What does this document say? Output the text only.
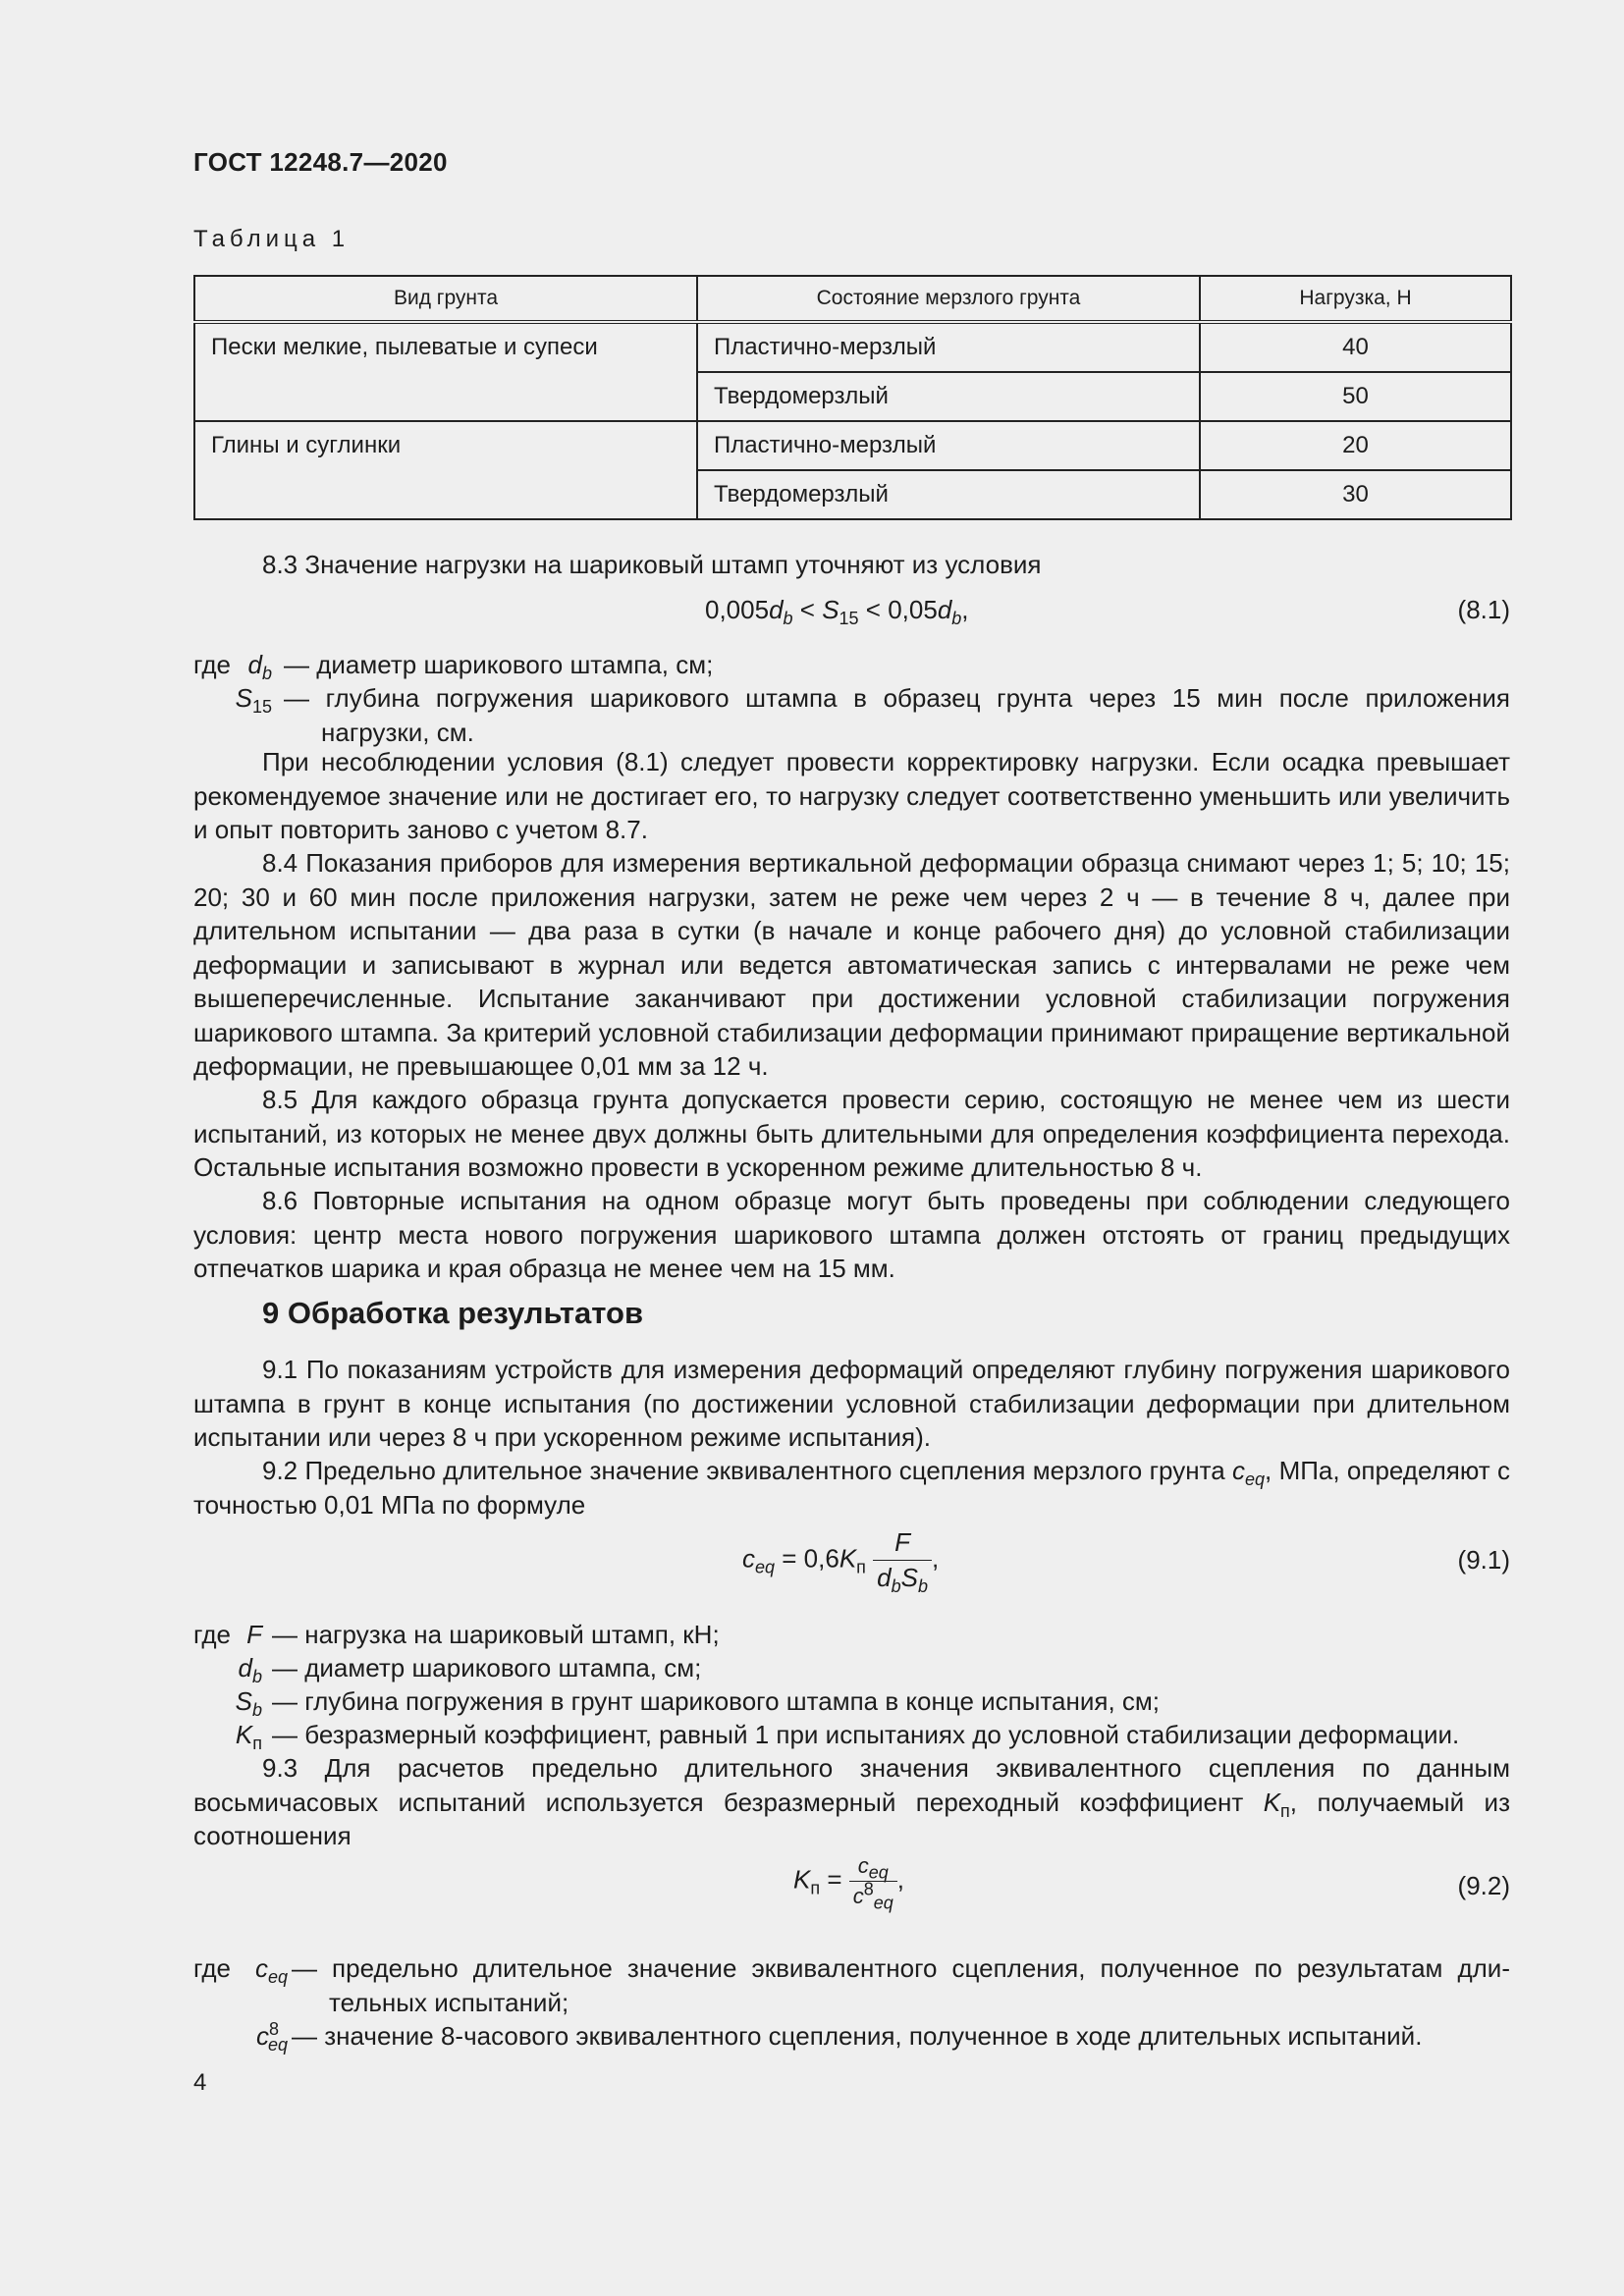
ГОСТ 12248.7—2020
Таблица 1
Вид грунта	Состояние мерзлого грунта	Нагрузка, Н
Пески мелкие, пылеватые и супеси	Пластично-мерзлый	40
	Твердомерзлый	50
Глины и суглинки	Пластично-мерзлый	20
	Твердомерзлый	30
8.3 Значение нагрузки на шариковый штамп уточняют из условия
$0,005d_b < S_{15} < 0,05d_b$,	(8.1)
где $d_b$ — диаметр шарикового штампа, см;
$S_{15}$ — глубина погружения шарикового штампа в образец грунта через 15 мин после приложения
нагрузки, см.
При несоблюдении условия (8.1) следует провести корректировку нагрузки. Если осадка превышает рекомендуемое значение или не достигает его, то нагрузку следует соответственно уменьшить или увеличить и опыт повторить заново с учетом 8.7.
8.4 Показания приборов для измерения вертикальной деформации образца снимают через 1; 5; 10; 15; 20; 30 и 60 мин после приложения нагрузки, затем не реже чем через 2 ч — в течение 8 ч, далее при длительном испытании — два раза в сутки (в начале и конце рабочего дня) до условной стабилизации деформации и записывают в журнал или ведется автоматическая запись с интервалами не реже чем вышеперечисленные. Испытание заканчивают при достижении условной стабилизации погружения шарикового штампа. За критерий условной стабилизации деформации принимают приращение вертикальной деформации, не превышающее 0,01 мм за 12 ч.
8.5 Для каждого образца грунта допускается провести серию, состоящую не менее чем из шести испытаний, из которых не менее двух должны быть длительными для определения коэффициента перехода. Остальные испытания возможно провести в ускоренном режиме длительностью 8 ч.
8.6 Повторные испытания на одном образце могут быть проведены при соблюдении следующего условия: центр места нового погружения шарикового штампа должен отстоять от границ предыдущих отпечатков шарика и края образца не менее чем на 15 мм.
9 Обработка результатов
9.1 По показаниям устройств для измерения деформаций определяют глубину погружения шарикового штампа в грунт в конце испытания (по достижении условной стабилизации деформации при длительном испытании или через 8 ч при ускоренном режиме испытания).
9.2 Предельно длительное значение эквивалентного сцепления мерзлого грунта $c_{eq}$, МПа, определяют с точностью 0,01 МПа по формуле
$c_{eq} = 0,6K_п \frac{F}{d_bS_b}$ ,	(9.1)
где F — нагрузка на шариковый штамп, кН;
$d_b$ — диаметр шарикового штампа, см;
$S_b$ — глубина погружения в грунт шарикового штампа в конце испытания, см;
$K_п$ — безразмерный коэффициент, равный 1 при испытаниях до условной стабилизации деформации.
9.3 Для расчетов предельно длительного значения эквивалентного сцепления по данным восьмичасовых испытаний используется безразмерный переходный коэффициент $K_п$, получаемый из соотношения
$K_п = \frac{c_{eq}}{c^8_{eq}}$ ,	(9.2)
где $c_{eq}$ — предельно длительное значение эквивалентного сцепления, полученное по результатам дли-
тельных испытаний;
$c^8_{eq}$ — значение 8-часового эквивалентного сцепления, полученное в ходе длительных испытаний.
4
